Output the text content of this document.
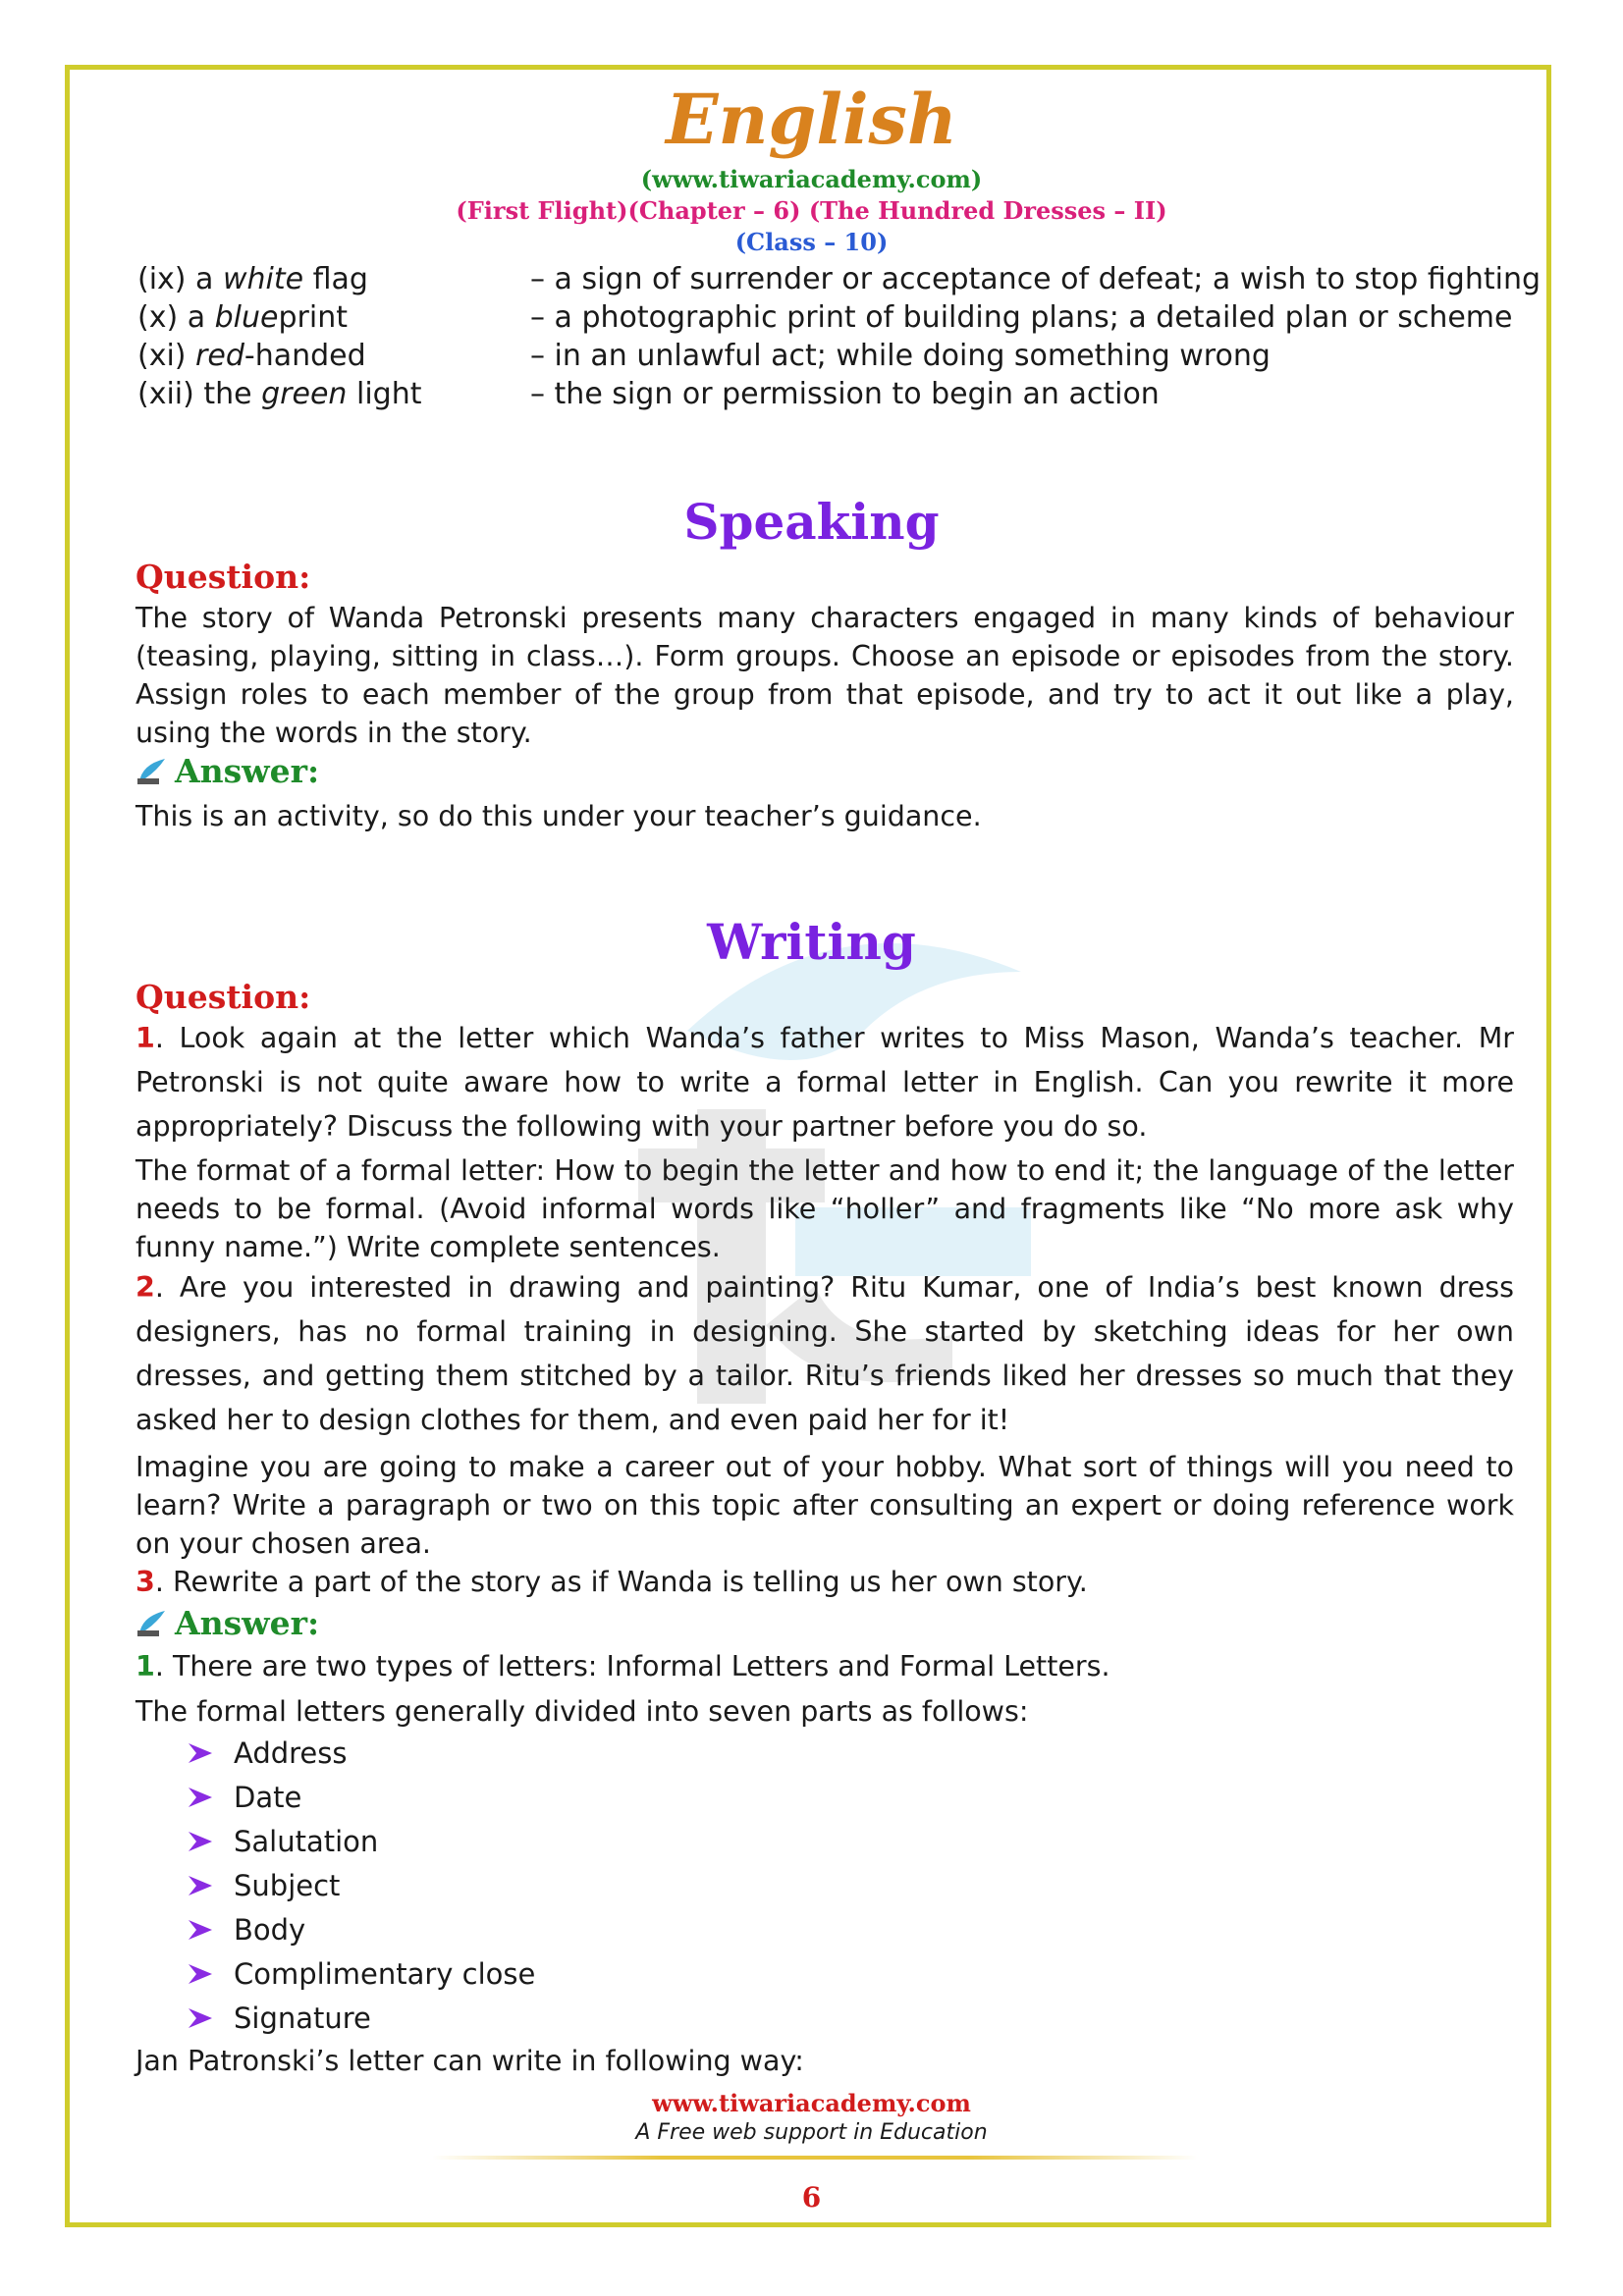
English
(www.tiwariacademy.com)
(First Flight)(Chapter – 6) (The Hundred Dresses – II)
(Class – 10)
(ix) a white flag	– a sign of surrender or acceptance of defeat; a wish to stop fighting
(x) a blueprint	– a photographic print of building plans; a detailed plan or scheme
(xi) red-handed	– in an unlawful act; while doing something wrong
(xii) the green light	– the sign or permission to begin an action
Speaking
Question:
The story of Wanda Petronski presents many characters engaged in many kinds of behaviour (teasing, playing, sitting in class…). Form groups. Choose an episode or episodes from the story. Assign roles to each member of the group from that episode, and try to act it out like a play, using the words in the story.
Answer:
This is an activity, so do this under your teacher’s guidance.
Writing
Question:
1. Look again at the letter which Wanda’s father writes to Miss Mason, Wanda’s teacher. Mr Petronski is not quite aware how to write a formal letter in English. Can you rewrite it more appropriately? Discuss the following with your partner before you do so.
The format of a formal letter: How to begin the letter and how to end it; the language of the letter needs to be formal. (Avoid informal words like “holler” and fragments like “No more ask why funny name.”) Write complete sentences.
2. Are you interested in drawing and painting? Ritu Kumar, one of India’s best known dress designers, has no formal training in designing. She started by sketching ideas for her own dresses, and getting them stitched by a tailor. Ritu’s friends liked her dresses so much that they asked her to design clothes for them, and even paid her for it!
Imagine you are going to make a career out of your hobby. What sort of things will you need to learn? Write a paragraph or two on this topic after consulting an expert or doing reference work on your chosen area.
3. Rewrite a part of the story as if Wanda is telling us her own story.
Answer:
1. There are two types of letters: Informal Letters and Formal Letters.
The formal letters generally divided into seven parts as follows:
Address
Date
Salutation
Subject
Body
Complimentary close
Signature
Jan Patronski’s letter can write in following way:
www.tiwariacademy.com
A Free web support in Education
6
